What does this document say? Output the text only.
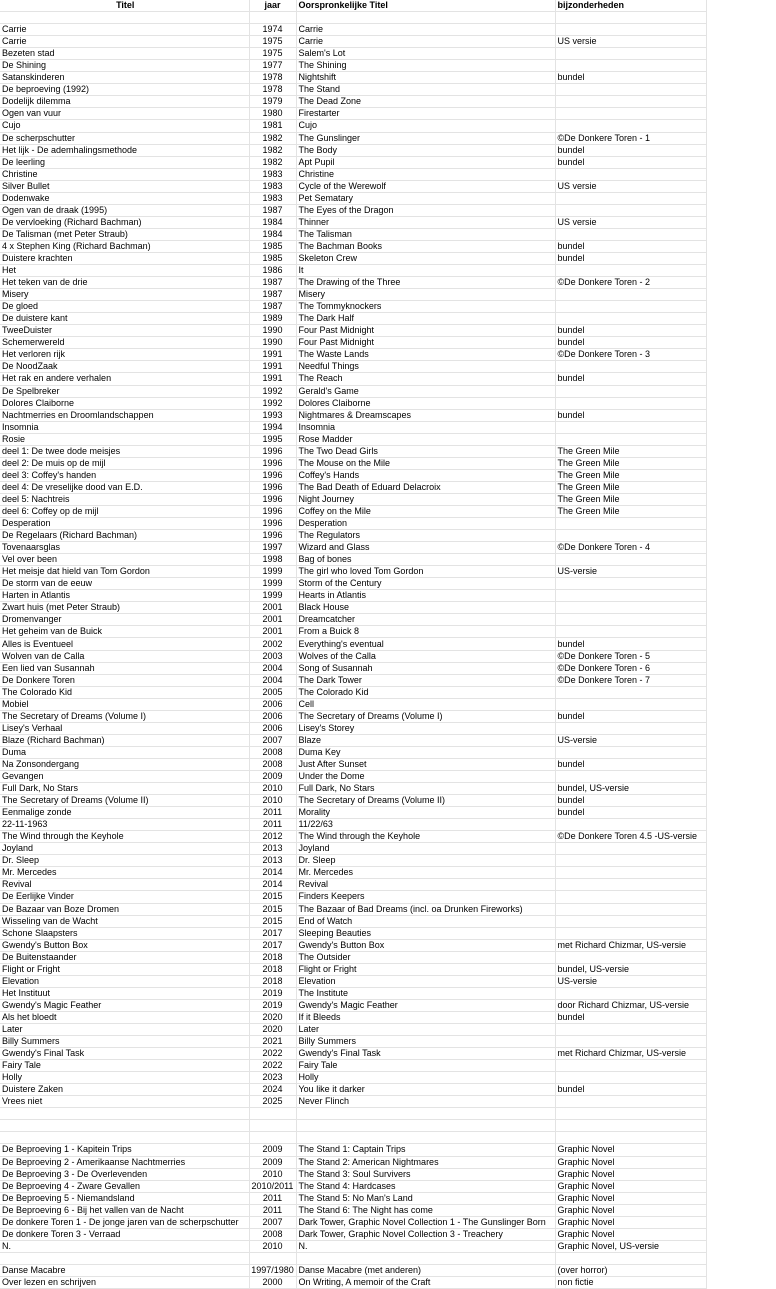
Titel	jaar	Oorspronkelijke Titel	bijzonderheden

Carrie	1974	Carrie	
Carrie	1975	Carrie	US versie
Bezeten stad	1975	Salem's Lot	
De Shining	1977	The Shining	
Satanskinderen	1978	Nightshift	bundel
De beproeving (1992)	1978	The Stand	
Dodelijk dilemma	1979	The Dead Zone	
Ogen van vuur	1980	Firestarter	
Cujo	1981	Cujo	
De scherpschutter	1982	The Gunslinger	©De Donkere Toren - 1
Het lijk - De ademhalingsmethode	1982	The Body	bundel
De leerling	1982	Apt Pupil	bundel
Christine	1983	Christine	
Silver Bullet	1983	Cycle of the Werewolf	US versie
Dodenwake	1983	Pet Sematary	
Ogen van de draak (1995)	1987	The Eyes of the Dragon	
De vervloeking (Richard Bachman)	1984	Thinner	US versie
De Talisman (met Peter Straub)	1984	The Talisman	
4 x Stephen King (Richard Bachman)	1985	The Bachman Books	bundel
Duistere krachten	1985	Skeleton Crew	bundel
Het	1986	It	
Het teken van de drie	1987	The Drawing of the Three	©De Donkere Toren - 2
Misery	1987	Misery	
De gloed	1987	The Tommyknockers	
De duistere kant	1989	The Dark Half	
TweeDuister	1990	Four Past Midnight	bundel
Schemerwereld	1990	Four Past Midnight	bundel
Het verloren rijk	1991	The Waste Lands	©De Donkere Toren - 3
De NoodZaak	1991	Needful Things	
Het rak en andere verhalen	1991	The Reach	bundel
De Spelbreker	1992	Gerald's Game	
Dolores Claiborne	1992	Dolores Claiborne	
Nachtmerries en Droomlandschappen	1993	Nightmares & Dreamscapes	bundel
Insomnia	1994	Insomnia	
Rosie	1995	Rose Madder	
deel 1: De twee dode meisjes	1996	The Two Dead Girls	The Green Mile
deel 2: De muis op de mijl	1996	The Mouse on the Mile	The Green Mile
deel 3: Coffey's handen	1996	Coffey's Hands	The Green Mile
deel 4: De vreselijke dood van E.D.	1996	The Bad Death of Eduard Delacroix	The Green Mile
deel 5: Nachtreis	1996	Night Journey	The Green Mile
deel 6: Coffey op de mijl	1996	Coffey on the Mile	The Green Mile
Desperation	1996	Desperation	
De Regelaars (Richard Bachman)	1996	The Regulators	
Tovenaarsglas	1997	Wizard and Glass	©De Donkere Toren - 4
Vel over been	1998	Bag of bones	
Het meisje dat hield van Tom Gordon	1999	The girl who loved Tom Gordon	US-versie
De storm van de eeuw	1999	Storm of the Century	
Harten in Atlantis	1999	Hearts in Atlantis	
Zwart huis (met Peter Straub)	2001	Black House	
Dromenvanger	2001	Dreamcatcher	
Het geheim van de Buick	2001	From a Buick 8	
Alles is Eventueel	2002	Everything's eventual	bundel
Wolven van de Calla	2003	Wolves of the Calla	©De Donkere Toren - 5
Een lied van Susannah	2004	Song of Susannah	©De Donkere Toren - 6
De Donkere Toren	2004	The Dark Tower	©De Donkere Toren - 7
The Colorado Kid	2005	The Colorado Kid	
Mobiel	2006	Cell	
The Secretary of Dreams (Volume I)	2006	The Secretary of Dreams (Volume I)	bundel
Lisey's Verhaal	2006	Lisey's Storey	
Blaze (Richard Bachman)	2007	Blaze	US-versie
Duma	2008	Duma Key	
Na Zonsondergang	2008	Just After Sunset	bundel
Gevangen	2009	Under the Dome	
Full Dark, No Stars	2010	Full Dark, No Stars	bundel, US-versie
The Secretary of Dreams (Volume II)	2010	The Secretary of Dreams (Volume II)	bundel
Eenmalige zonde	2011	Morality	bundel
22-11-1963	2011	11/22/63	
The Wind through the Keyhole	2012	The Wind through the Keyhole	©De Donkere Toren 4.5 -US-versie
Joyland	2013	Joyland	
Dr. Sleep	2013	Dr. Sleep	
Mr. Mercedes	2014	Mr. Mercedes	
Revival	2014	Revival	
De Eerlijke Vinder	2015	Finders Keepers	
De Bazaar van Boze Dromen	2015	The Bazaar of Bad Dreams (incl. oa Drunken Fireworks)	
Wisseling van de Wacht	2015	End of Watch	
Schone Slaapsters	2017	Sleeping Beauties	
Gwendy's Button Box	2017	Gwendy's Button Box	met Richard Chizmar, US-versie
De Buitenstaander	2018	The Outsider	
Flight or Fright	2018	Flight or Fright	bundel, US-versie
Elevation	2018	Elevation	US-versie
Het Instituut	2019	The Institute	
Gwendy's Magic Feather	2019	Gwendy's Magic Feather	door Richard Chizmar, US-versie
Als het bloedt	2020	If it Bleeds	bundel
Later	2020	Later	
Billy Summers	2021	Billy Summers	
Gwendy's Final Task	2022	Gwendy's Final Task	met Richard Chizmar, US-versie
Fairy Tale	2022	Fairy Tale	
Holly	2023	Holly	
Duistere Zaken	2024	You like it darker	bundel
Vrees niet	2025	Never Flinch	

De Beproeving 1 - Kapitein Trips	2009	The Stand 1: Captain Trips	Graphic Novel
De Beproeving 2 - Amerikaanse Nachtmerries	2009	The Stand 2: American Nightmares	Graphic Novel
De Beproeving 3 - De Overlevenden	2010	The Stand 3: Soul Survivers	Graphic Novel
De Beproeving 4 - Zware Gevallen	2010/2011	The Stand 4: Hardcases	Graphic Novel
De Beproeving 5 - Niemandsland	2011	The Stand 5: No Man's Land	Graphic Novel
De Beproeving 6 - Bij het vallen van de Nacht	2011	The Stand 6: The Night has come	Graphic Novel
De donkere Toren 1 - De jonge jaren van de scherpschutter	2007	Dark Tower, Graphic Novel Collection 1 - The Gunslinger Born	Graphic Novel
De donkere Toren 3 - Verraad	2008	Dark Tower, Graphic Novel Collection 3 - Treachery	Graphic Novel
N.	2010	N.	Graphic Novel, US-versie

Danse Macabre	1997/1980	Danse Macabre (met anderen)	(over horror)
Over lezen en schrijven	2000	On Writing, A memoir of the Craft	non fictie
